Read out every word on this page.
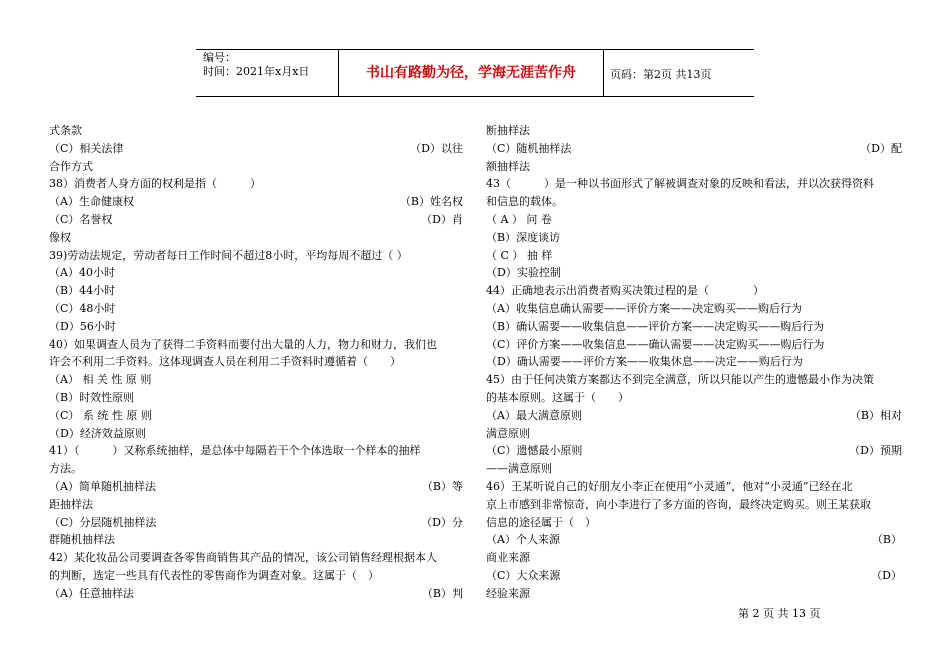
编号：
时间：2021年x月x日	书山有路勤为径，学海无涯苦作舟	页码：第2页 共13页
式条款
（C）相关法律	（D）以往
合作方式
38）消费者人身方面的权利是指（　　　）
（A）生命健康权	（B）姓名权
（C）名誉权	（D）肖
像权
39)劳动法规定，劳动者每日工作时间不超过8小时，平均每周不超过（ ）
（A）40小时
（B）44小时
（C）48小时
（D）56小时
40）如果调查人员为了获得二手资料而要付出大量的人力，物力和财力，我们也
许会不利用二手资料。这体现调查人员在利用二手资料时遵循着（　　）
（A） 相 关 性 原 则
（B）时效性原则
（C） 系 统 性 原 则
（D）经济效益原则
41）（　　　）又称系统抽样，是总体中每隔若干个个体选取一个样本的抽样
方法。
（A）简单随机抽样法	（B）等
距抽样法
（C）分层随机抽样法	（D）分
群随机抽样法
42）某化妆品公司要调查各零售商销售其产品的情况，该公司销售经理根据本人
的判断，选定一些具有代表性的零售商作为调查对象。这属于（　）
（A）任意抽样法	（B）判
断抽样法
（C）随机抽样法	（D）配
额抽样法
43（　　　）是一种以书面形式了解被调查对象的反映和看法，并以次获得资料
和信息的载体。
（ A ） 问 卷
（B）深度谈访
（ C ） 抽 样
（D）实验控制
44）正确地表示出消费者购买决策过程的是（　　　　）
（A）收集信息确认需要——评价方案——决定购买——购后行为
（B）确认需要——收集信息——评价方案——决定购买——购后行为
（C）评价方案——收集信息——确认需要——决定购买——购后行为
（D）确认需要——评价方案——收集休息——决定——购后行为
45）由于任何决策方案都达不到完全满意，所以只能以产生的遗憾最小作为决策
的基本原则。这属于（　　）
（A）最大满意原则	（B）相对
满意原则
（C）遗憾最小原则	（D）预期
——满意原则
46）王某听说自己的好朋友小李正在使用“小灵通”，他对“小灵通”已经在北
京上市感到非常惊奇，向小李进行了多方面的咨询，最终决定购买。则王某获取
信息的途径属于（　）
（A）个人来源	（B）
商业来源
（C）大众来源	（D）
经验来源
第 2 页 共 13 页
